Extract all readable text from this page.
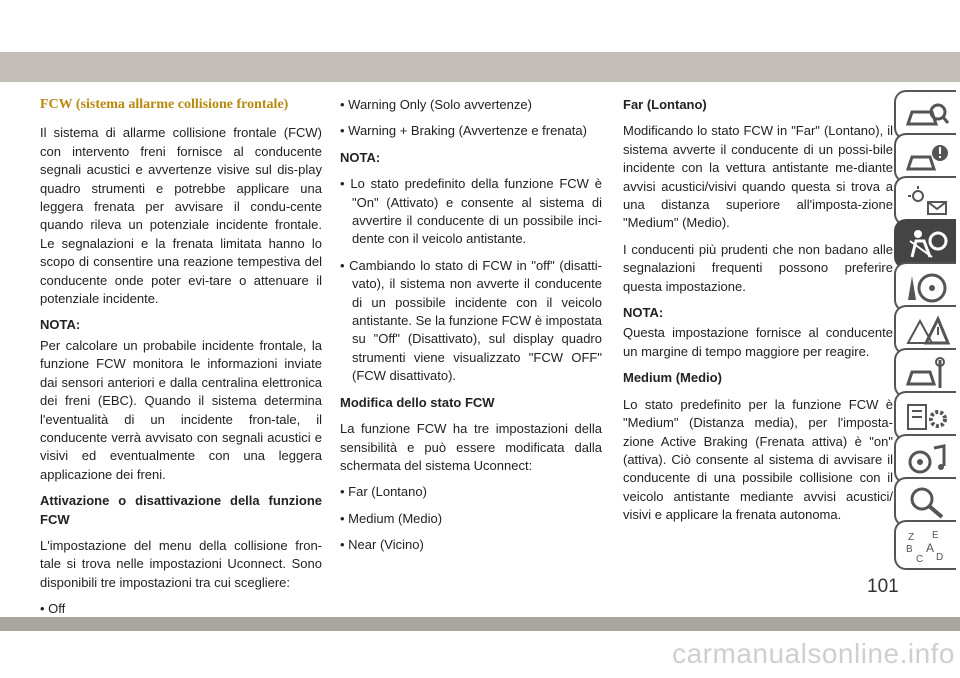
FCW (sistema allarme collisione frontale)

Il sistema di allarme collisione frontale (FCW) con intervento freni fornisce al conducente segnali acustici e avvertenze visive sul dis-play quadro strumenti e potrebbe applicare una leggera frenata per avvisare il condu-cente quando rileva un potenziale incidente frontale. Le segnalazioni e la frenata limitata hanno lo scopo di consentire una reazione tempestiva del conducente onde poter evi-tare o attenuare il potenziale incidente.

NOTA:

Per calcolare un probabile incidente frontale, la funzione FCW monitora le informazioni inviate dai sensori anteriori e dalla centralina elettronica dei freni (EBC). Quando il sistema determina l'eventualità di un incidente fron-tale, il conducente verrà avvisato con segnali acustici e visivi ed eventualmente con una leggera applicazione dei freni.

Attivazione o disattivazione della funzione FCW

L'impostazione del menu della collisione fron-tale si trova nelle impostazioni Uconnect. Sono disponibili tre impostazioni tra cui scegliere:

• Off

• Warning Only (Solo avvertenze)

• Warning + Braking (Avvertenze e frenata)

NOTA:

• Lo stato predefinito della funzione FCW è "On" (Attivato) e consente al sistema di avvertire il conducente di un possibile inci-dente con il veicolo antistante.

• Cambiando lo stato di FCW in "off" (disatti-vato), il sistema non avverte il conducente di un possibile incidente con il veicolo antistante. Se la funzione FCW è impostata su "Off" (Disattivato), sul display quadro strumenti viene visualizzato "FCW OFF" (FCW disattivato).

Modifica dello stato FCW

La funzione FCW ha tre impostazioni della sensibilità e può essere modificata dalla schermata del sistema Uconnect:

• Far (Lontano)

• Medium (Medio)

• Near (Vicino)

Far (Lontano)

Modificando lo stato FCW in "Far" (Lontano), il sistema avverte il conducente di un possi-bile incidente con la vettura antistante me-diante avvisi acustici/visivi quando questa si trova a una distanza superiore all'imposta-zione "Medium" (Medio).

I conducenti più prudenti che non badano alle segnalazioni frequenti possono preferire questa impostazione.

NOTA:

Questa impostazione fornisce al conducente un margine di tempo maggiore per reagire.

Medium (Medio)

Lo stato predefinito per la funzione FCW è "Medium" (Distanza media), per l'imposta-zione Active Braking (Frenata attiva) è "on" (attiva). Ciò consente al sistema di avvisare il conducente di una possibile collisione con il veicolo antistante mediante avvisi acustici/ visivi e applicare la frenata autonoma.

Z E
B A
C D
101
carmanualsonline.info
